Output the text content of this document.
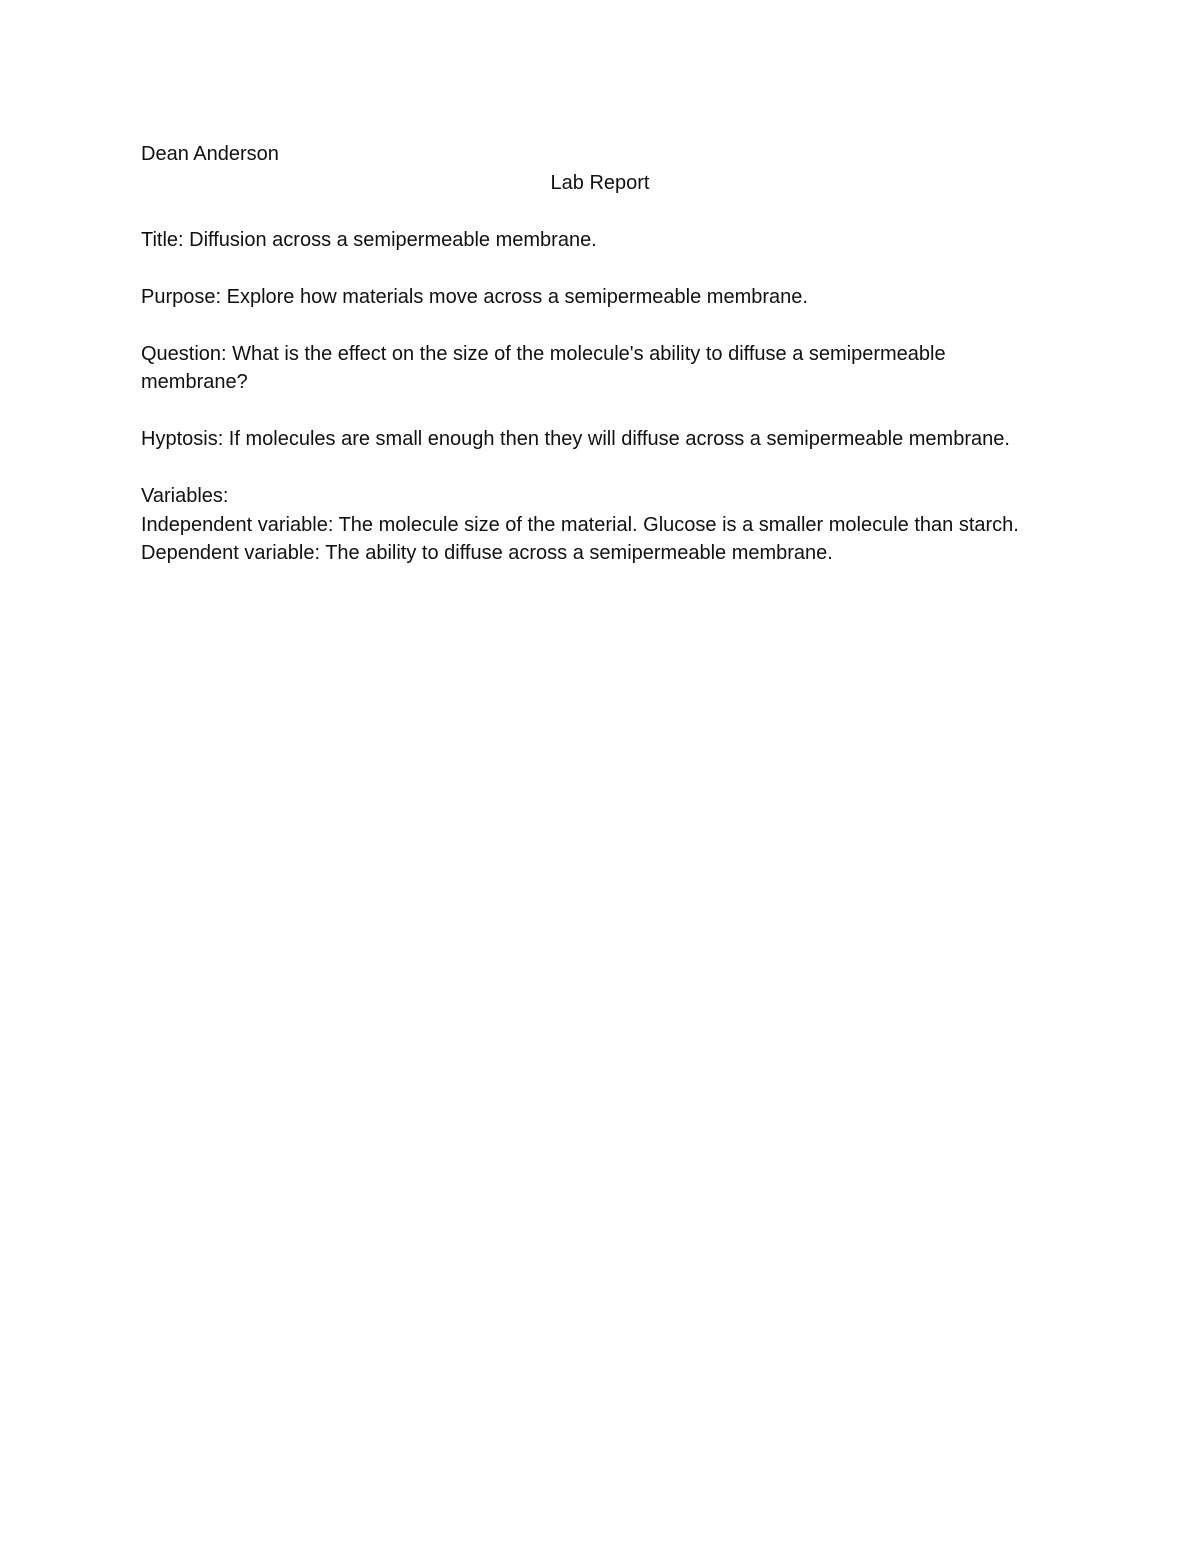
Dean Anderson

Lab Report

Title: Diffusion across a semipermeable membrane.

Purpose: Explore how materials move across a semipermeable membrane.

Question: What is the effect on the size of the molecule's ability to diffuse a semipermeable membrane?

Hyptosis: If molecules are small enough then they will diffuse across a semipermeable membrane.

Variables:

Independent variable: The molecule size of the material. Glucose is a smaller molecule than starch.

Dependent variable: The ability to diffuse across a semipermeable membrane.
